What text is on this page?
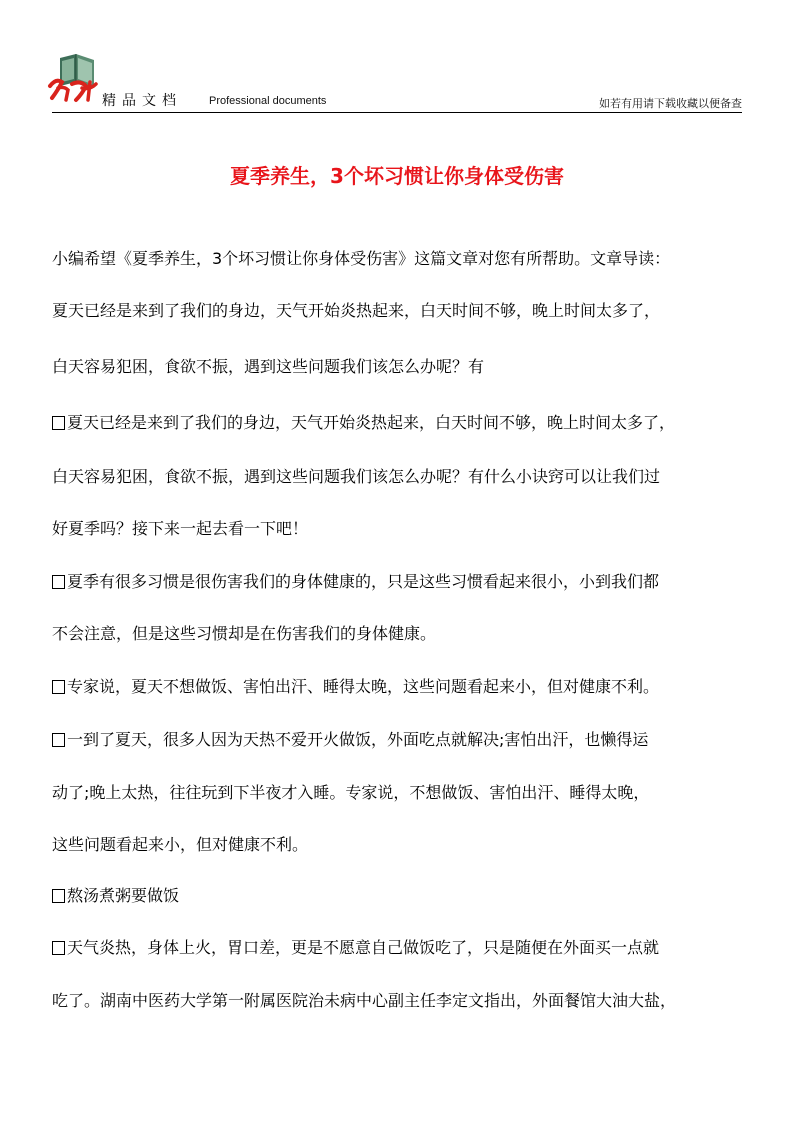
精品文档 Professional documents	如若有用请下载收藏以便备查
夏季养生，3个坏习惯让你身体受伤害
小编希望《夏季养生，3个坏习惯让你身体受伤害》这篇文章对您有所帮助。文章导读：
夏天已经是来到了我们的身边，天气开始炎热起来，白天时间不够，晚上时间太多了，
白天容易犯困，食欲不振，遇到这些问题我们该怎么办呢？有
夏天已经是来到了我们的身边，天气开始炎热起来，白天时间不够，晚上时间太多了，
白天容易犯困，食欲不振，遇到这些问题我们该怎么办呢？有什么小诀窍可以让我们过
好夏季吗？接下来一起去看一下吧！
夏季有很多习惯是很伤害我们的身体健康的，只是这些习惯看起来很小，小到我们都
不会注意，但是这些习惯却是在伤害我们的身体健康。
专家说，夏天不想做饭、害怕出汗、睡得太晚，这些问题看起来小，但对健康不利。
一到了夏天，很多人因为天热不爱开火做饭，外面吃点就解决;害怕出汗，也懒得运
动了;晚上太热，往往玩到下半夜才入睡。专家说，不想做饭、害怕出汗、睡得太晚，
这些问题看起来小，但对健康不利。
熬汤煮粥要做饭
天气炎热，身体上火，胃口差，更是不愿意自己做饭吃了，只是随便在外面买一点就
吃了。湖南中医药大学第一附属医院治未病中心副主任李定文指出，外面餐馆大油大盐，
